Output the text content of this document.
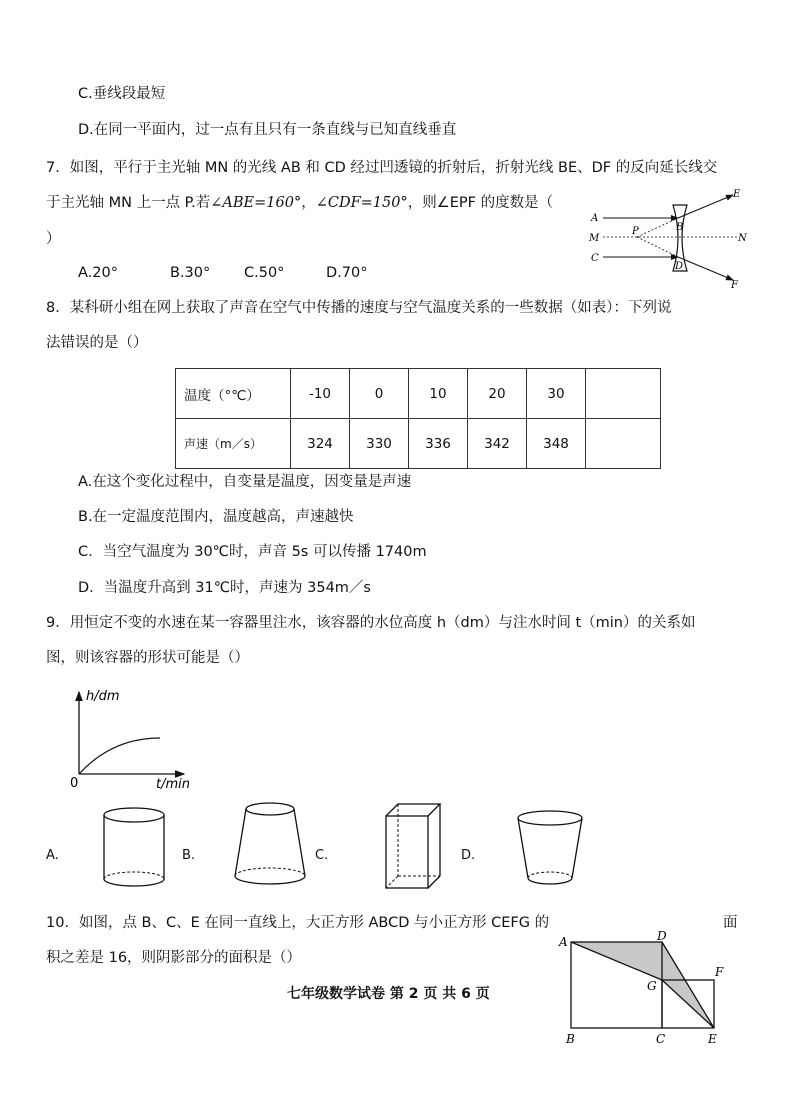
C.垂线段最短
D.在同一平面内，过一点有且只有一条直线与已知直线垂直
7．如图，平行于主光轴 MN 的光线 AB 和 CD 经过凹透镜的折射后，折射光线 BE、DF 的反向延长线交
于主光轴 MN 上一点 P.若∠ABE=160°，∠CDF=150°，则∠EPF 的度数是（
）
A.20°	B.30° C.50°	D.70°
A
M
C
P	B
D
E
F
N
8．某科研小组在网上获取了声音在空气中传播的速度与空气温度关系的一些数据（如表）：下列说
法错误的是（）
温度（°℃）	-10	0	10	20	30	
声速（m／s）	324	330	336	342	348	
A.在这个变化过程中，自变量是温度，因变量是声速
B.在一定温度范围内，温度越高，声速越快
C．当空气温度为 30℃时，声音 5s 可以传播 1740m
D．当温度升高到 31℃时，声速为 354m／s
9．用恒定不变的水速在某一容器里注水，该容器的水位高度 h（dm）与注水时间 t（min）的关系如
图，则该容器的形状可能是（）
h/dm
t/min
0
A.	B.	C.	D.
10．如图，点 B、C、E 在同一直线上，大正方形 ABCD 与小正方形 CEFG 的	面
积之差是 16，则阴影部分的面积是（）
A	D
F
G
B	C	E
七年级数学试卷 第 2 页 共 6 页
